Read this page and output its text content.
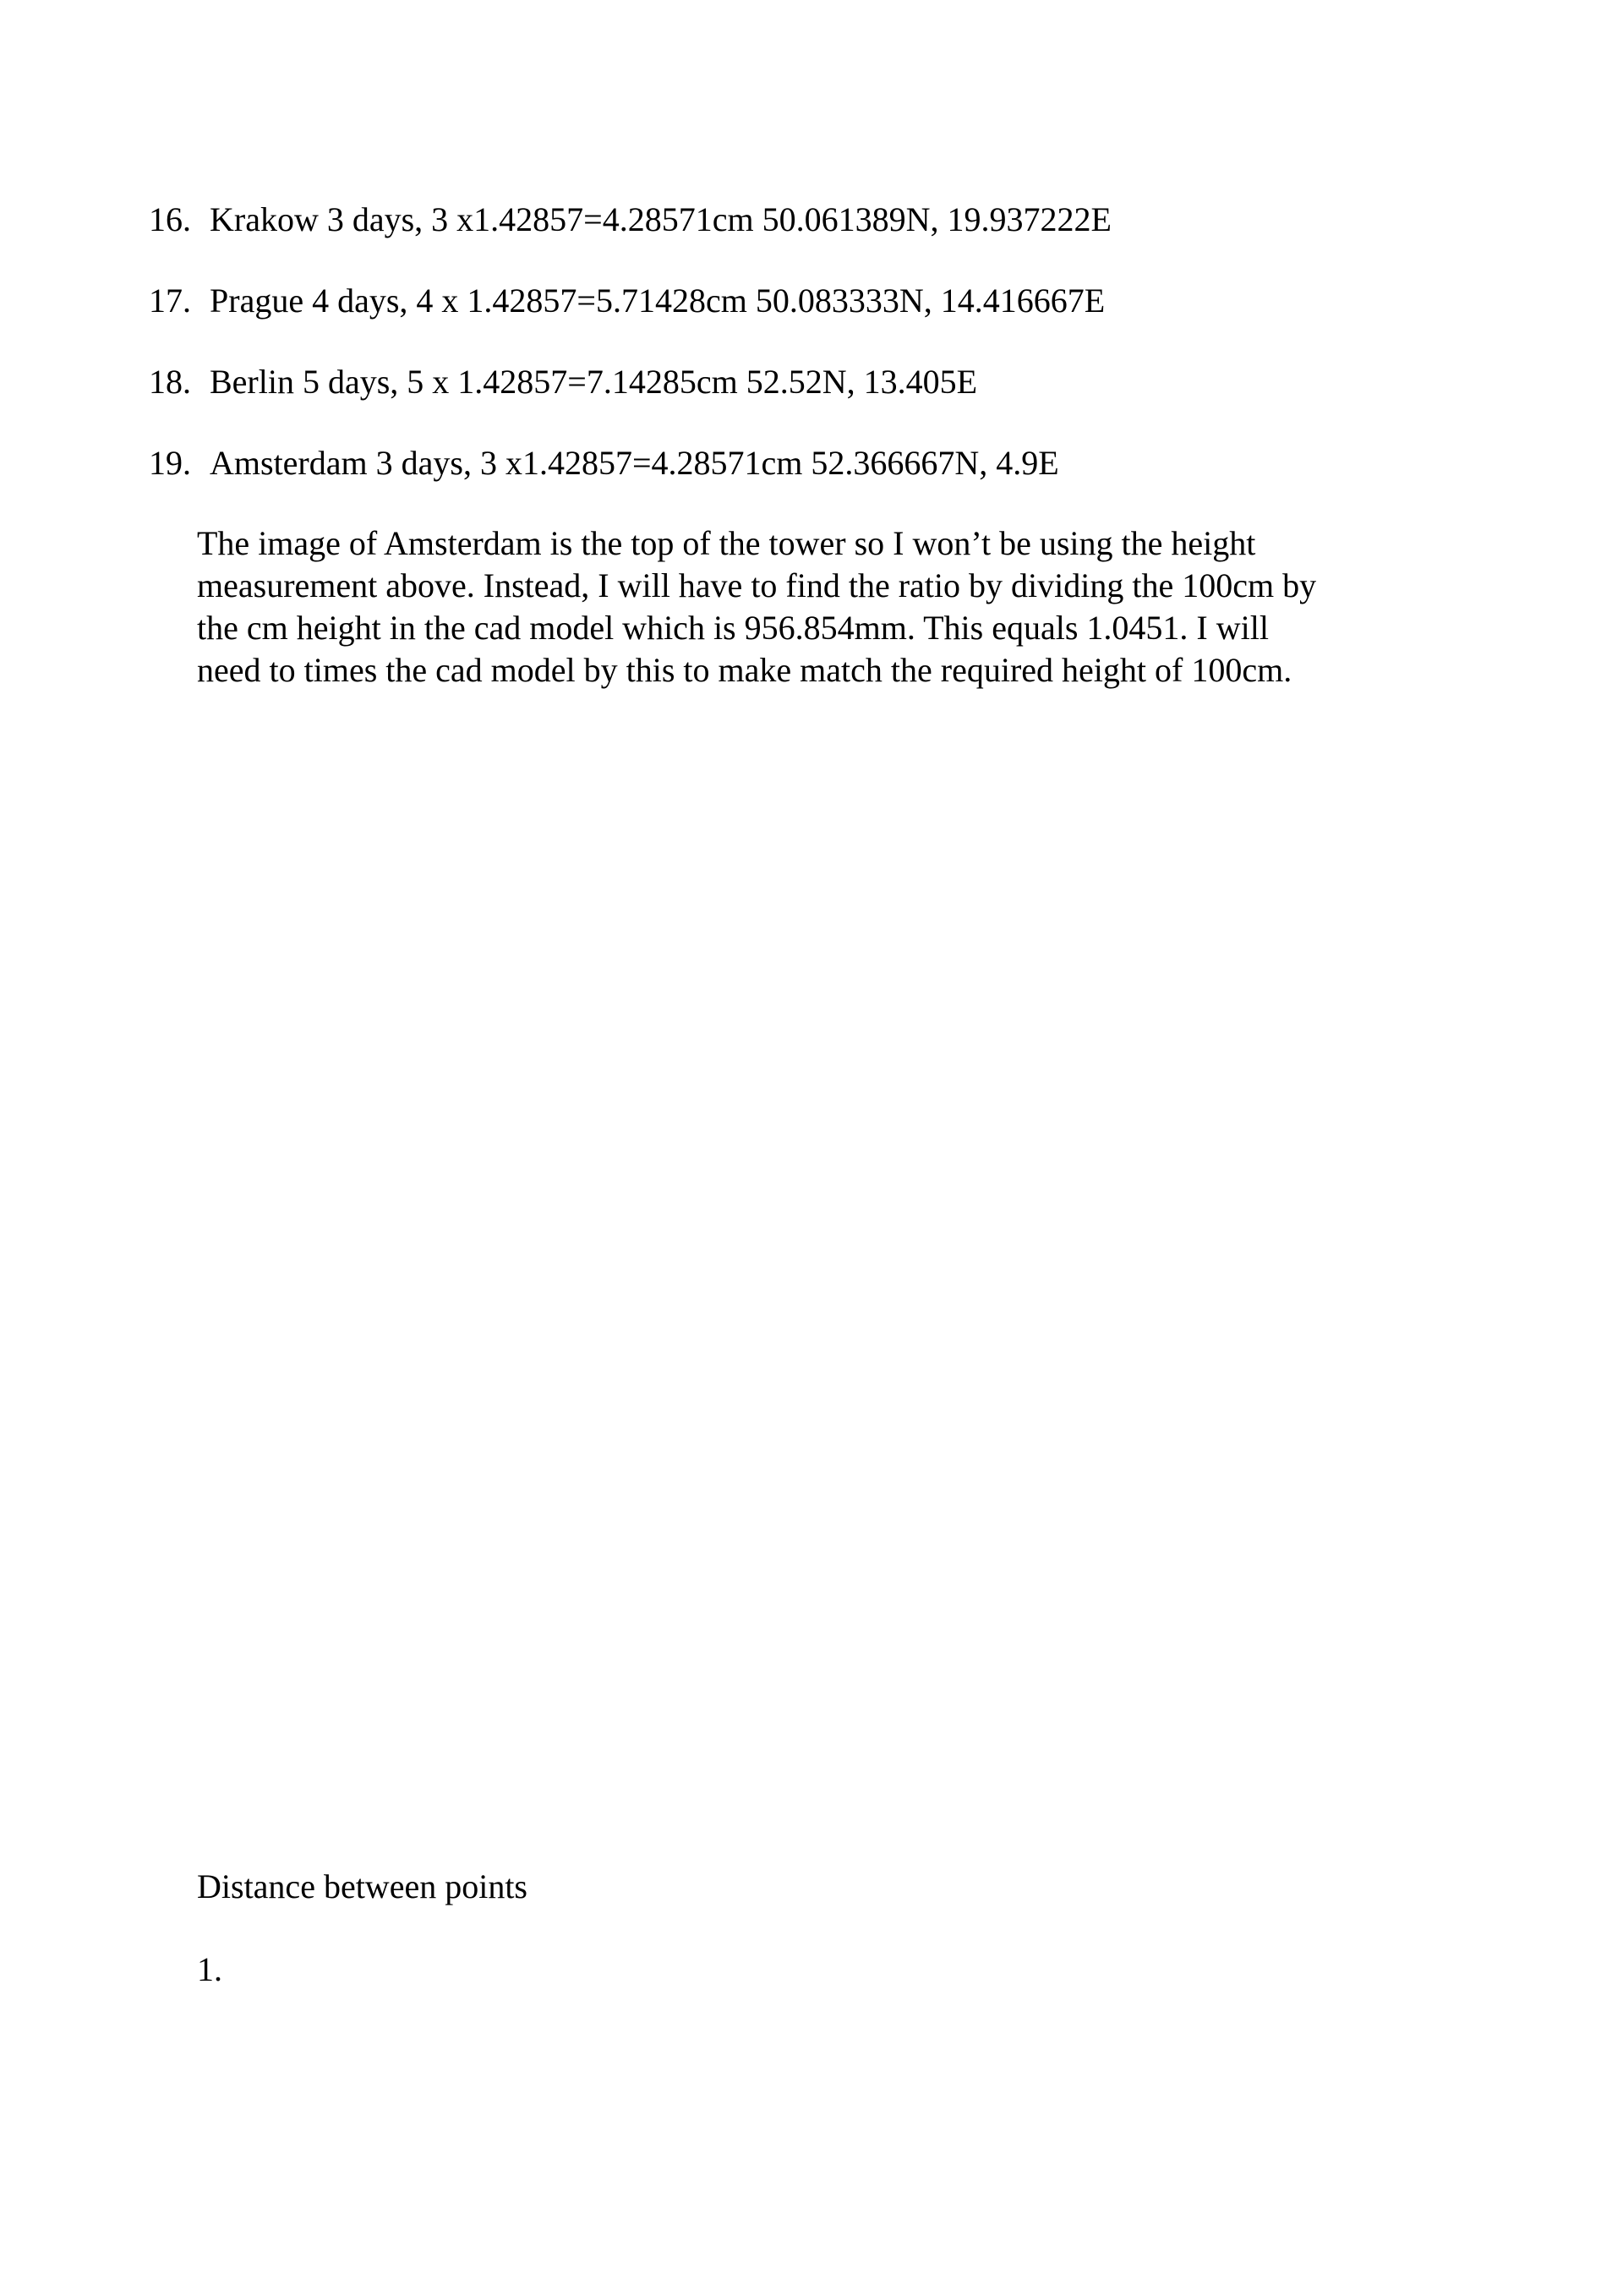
16. Krakow 3 days, 3 x1.42857=4.28571cm 50.061389N, 19.937222E
17. Prague 4 days, 4 x 1.42857=5.71428cm 50.083333N, 14.416667E
18. Berlin 5 days, 5 x 1.42857=7.14285cm 52.52N, 13.405E
19. Amsterdam 3 days, 3 x1.42857=4.28571cm 52.366667N, 4.9E
The image of Amsterdam is the top of the tower so I won’t be using the height
measurement above. Instead, I will have to find the ratio by dividing the 100cm by
the cm height in the cad model which is 956.854mm. This equals 1.0451. I will
need to times the cad model by this to make match the required height of 100cm.
Distance between points
1.
